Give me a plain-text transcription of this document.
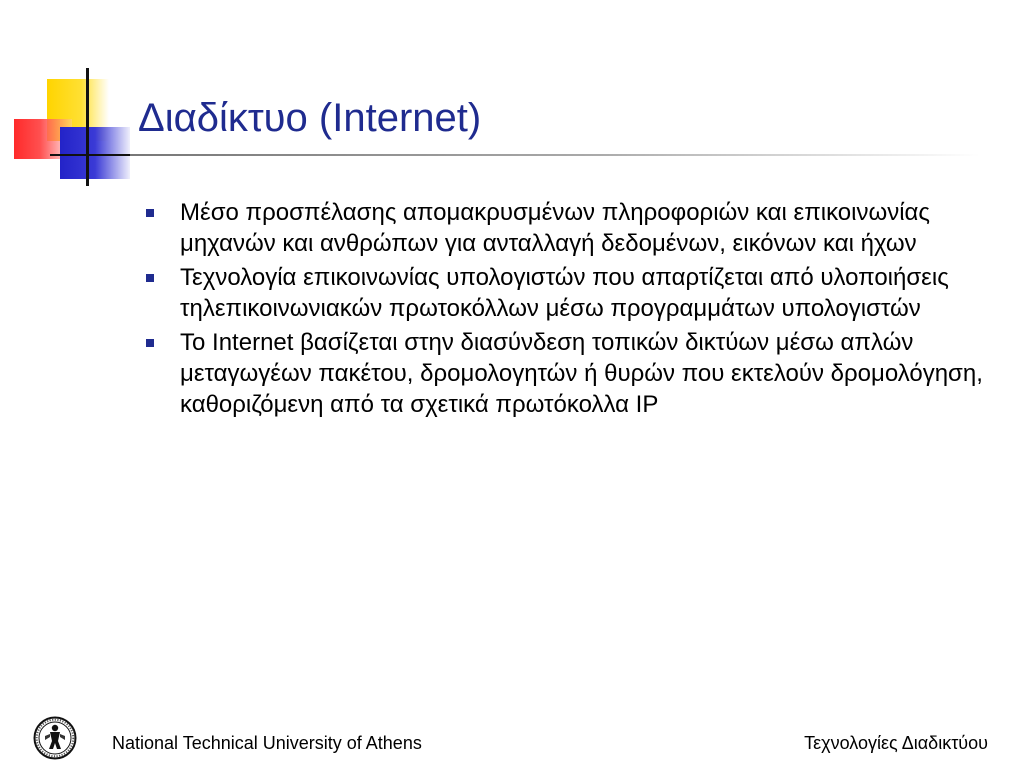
Διαδίκτυο (Internet)
Μέσο προσπέλασης απομακρυσμένων πληροφοριών και επικοινωνίας μηχανών και ανθρώπων για ανταλλαγή δεδομένων, εικόνων και ήχων
Τεχνολογία επικοινωνίας υπολογιστών που απαρτίζεται από υλοποιήσεις τηλεπικοινωνιακών πρωτοκόλλων μέσω προγραμμάτων υπολογιστών
Το Internet βασίζεται στην διασύνδεση τοπικών δικτύων μέσω απλών μεταγωγέων πακέτου, δρομολογητών ή θυρών που εκτελούν δρομολόγηση, καθοριζόμενη από τα σχετικά πρωτόκολλα IP
National Technical University of Athens	Τεχνολογίες Διαδικτύου
